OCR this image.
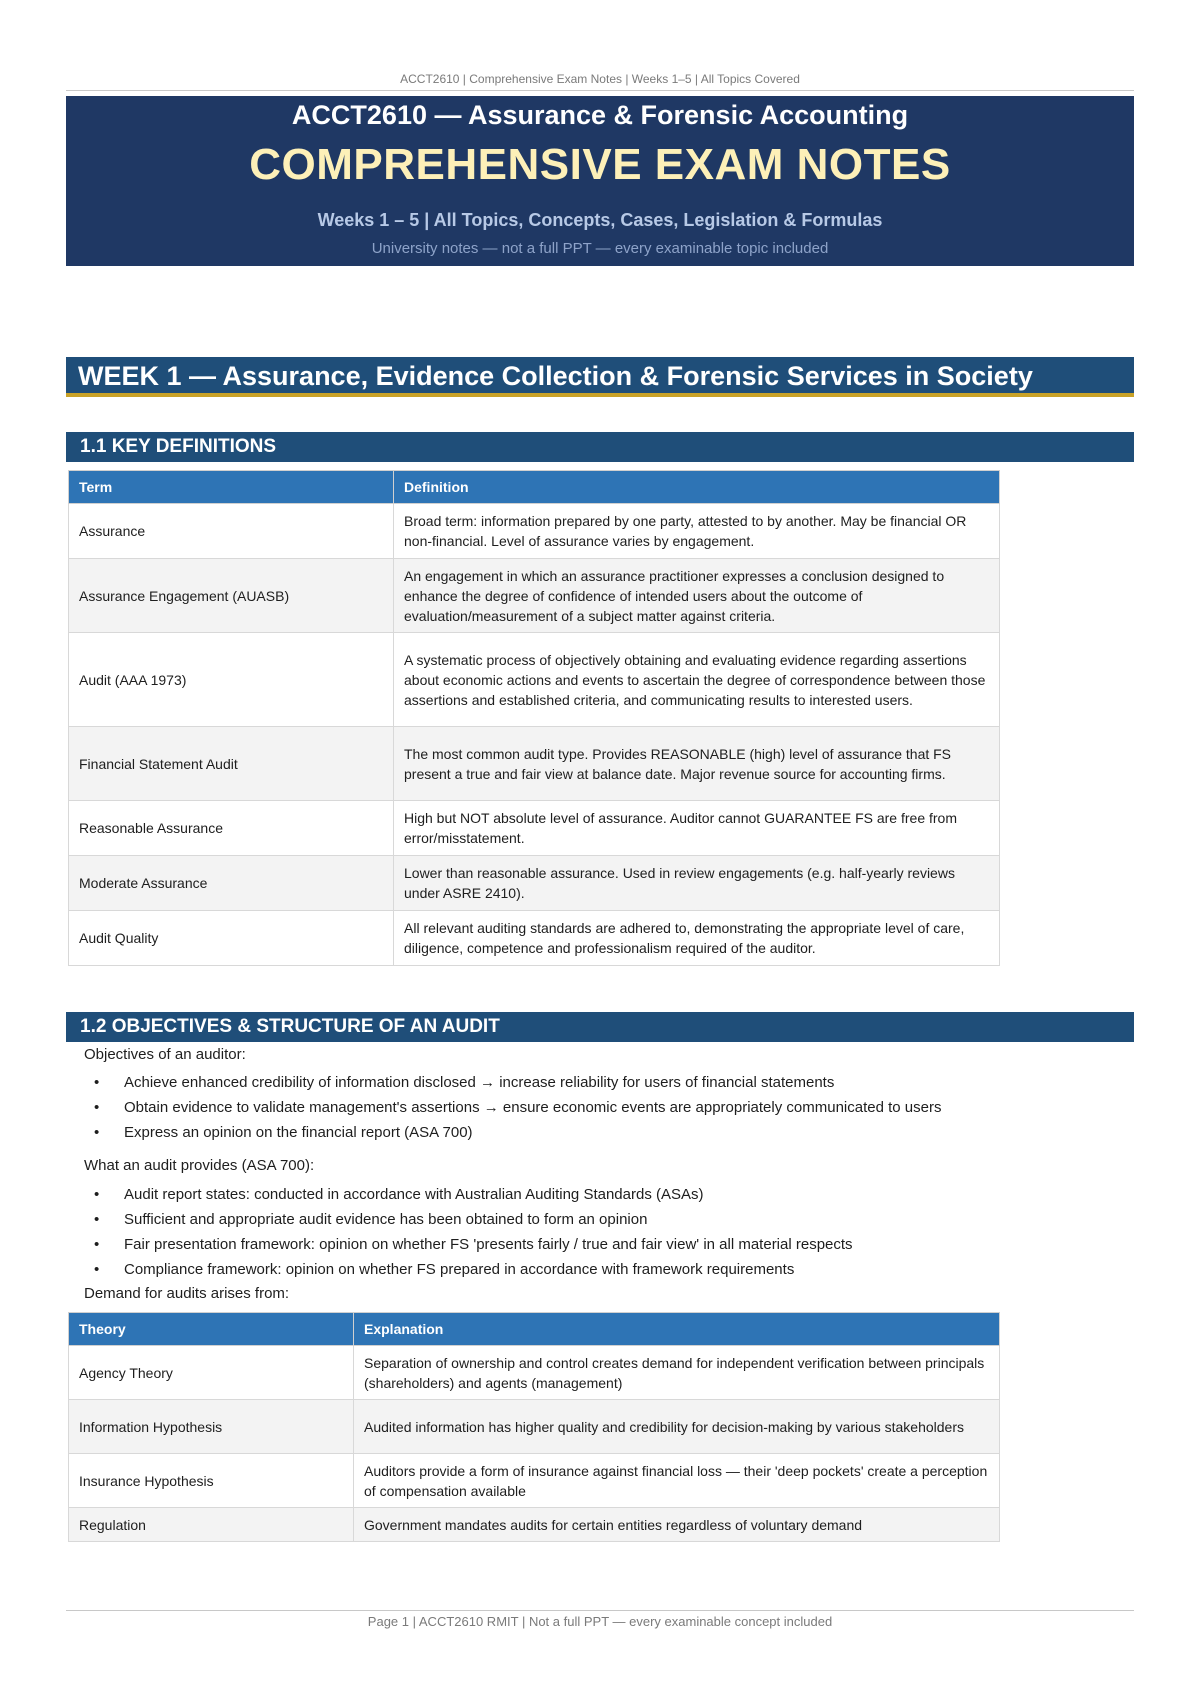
ACCT2610 | Comprehensive Exam Notes | Weeks 1–5 | All Topics Covered
ACCT2610 — Assurance & Forensic Accounting
COMPREHENSIVE EXAM NOTES
Weeks 1 – 5 | All Topics, Concepts, Cases, Legislation & Formulas
University notes — not a full PPT — every examinable topic included
WEEK 1 — Assurance, Evidence Collection & Forensic Services in Society
1.1 KEY DEFINITIONS
Term	Definition
Assurance	Broad term: information prepared by one party, attested to by another. May be financial OR non-financial. Level of assurance varies by engagement.
Assurance Engagement (AUASB)	An engagement in which an assurance practitioner expresses a conclusion designed to enhance the degree of confidence of intended users about the outcome of evaluation/measurement of a subject matter against criteria.
Audit (AAA 1973)	A systematic process of objectively obtaining and evaluating evidence regarding assertions about economic actions and events to ascertain the degree of correspondence between those assertions and established criteria, and communicating results to interested users.
Financial Statement Audit	The most common audit type. Provides REASONABLE (high) level of assurance that FS present a true and fair view at balance date. Major revenue source for accounting firms.
Reasonable Assurance	High but NOT absolute level of assurance. Auditor cannot GUARANTEE FS are free from error/misstatement.
Moderate Assurance	Lower than reasonable assurance. Used in review engagements (e.g. half-yearly reviews under ASRE 2410).
Audit Quality	All relevant auditing standards are adhered to, demonstrating the appropriate level of care, diligence, competence and professionalism required of the auditor.
1.2 OBJECTIVES & STRUCTURE OF AN AUDIT
Objectives of an auditor:
• Achieve enhanced credibility of information disclosed → increase reliability for users of financial statements
• Obtain evidence to validate management's assertions → ensure economic events are appropriately communicated to users
• Express an opinion on the financial report (ASA 700)
What an audit provides (ASA 700):
• Audit report states: conducted in accordance with Australian Auditing Standards (ASAs)
• Sufficient and appropriate audit evidence has been obtained to form an opinion
• Fair presentation framework: opinion on whether FS 'presents fairly / true and fair view' in all material respects
• Compliance framework: opinion on whether FS prepared in accordance with framework requirements
Demand for audits arises from:
Theory	Explanation
Agency Theory	Separation of ownership and control creates demand for independent verification between principals (shareholders) and agents (management)
Information Hypothesis	Audited information has higher quality and credibility for decision-making by various stakeholders
Insurance Hypothesis	Auditors provide a form of insurance against financial loss — their 'deep pockets' create a perception of compensation available
Regulation	Government mandates audits for certain entities regardless of voluntary demand
Page 1 | ACCT2610 RMIT | Not a full PPT — every examinable concept included
